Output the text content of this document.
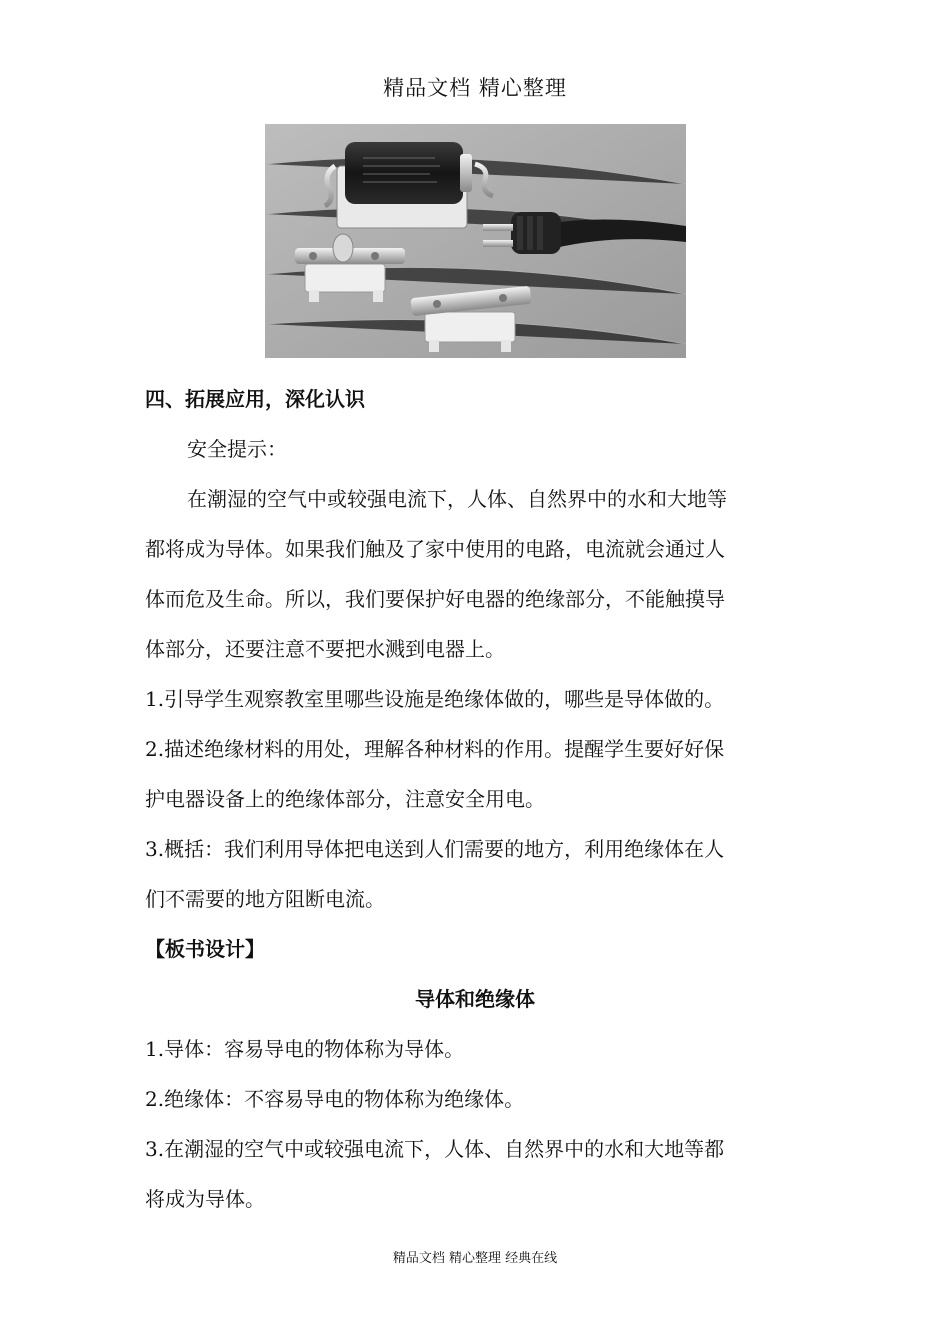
精品文档 精心整理
四、拓展应用，深化认识
安全提示：
在潮湿的空气中或较强电流下，人体、自然界中的水和大地等
都将成为导体。如果我们触及了家中使用的电路，电流就会通过人
体而危及生命。所以，我们要保护好电器的绝缘部分，不能触摸导
体部分，还要注意不要把水溅到电器上。
1.引导学生观察教室里哪些设施是绝缘体做的，哪些是导体做的。
2.描述绝缘材料的用处，理解各种材料的作用。提醒学生要好好保
护电器设备上的绝缘体部分，注意安全用电。
3.概括：我们利用导体把电送到人们需要的地方，利用绝缘体在人
们不需要的地方阻断电流。
【板书设计】
导体和绝缘体
1.导体：容易导电的物体称为导体。
2.绝缘体：不容易导电的物体称为绝缘体。
3.在潮湿的空气中或较强电流下，人体、自然界中的水和大地等都
将成为导体。
精品文档 精心整理 经典在线
